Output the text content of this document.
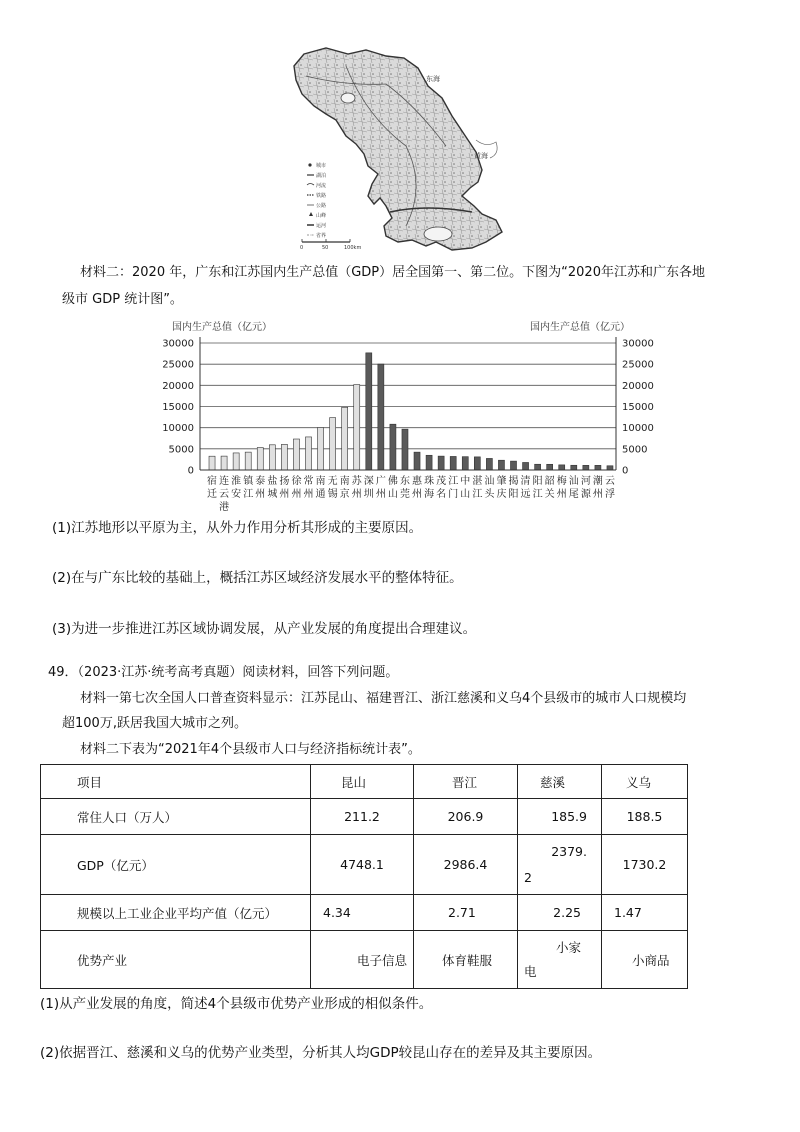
黄海
东海
城市
湖泊
河流
铁路
公路
山峰
运河
省界
0	50	100km
材料二：2020 年，广东和江苏国内生产总值（GDP）居全国第一、第二位。下图为“2020年江苏和广东各地
级市 GDP 统计图”。
0
5000
10000
15000
20000
25000
30000
0
5000
10000
15000
20000
25000
30000
宿
迁
连
云
港
淮
安
镇
江
泰
州
盐
城
扬
州
徐
州
常
州
南
通
无
锡
南
京
苏
州
深
圳
广
州
佛
山
东
莞
惠
州
珠
海
茂
名
江
门
中
山
湛
江
汕
头
肇
庆
揭
阳
清
远
阳
江
韶
关
梅
州
汕
尾
河
源
潮
州
云
浮
国内生产总值（亿元）	国内生产总值（亿元）
(1)江苏地形以平原为主，从外力作用分析其形成的主要原因。
(2)在与广东比较的基础上，概括江苏区域经济发展水平的整体特征。
(3)为进一步推进江苏区域协调发展，从产业发展的角度提出合理建议。
49．（2023·江苏·统考高考真题）阅读材料，回答下列问题。
材料一第七次全国人口普查资料显示：江苏昆山、福建晋江、浙江慈溪和义乌4个县级市的城市人口规模均
超100万,跃居我国大城市之列。
材料二下表为“2021年4个县级市人口与经济指标统计表”。
项目	昆山	晋江	慈溪	义乌
常住人口（万人）	211.2	206.9	185.9	188.5
GDP（亿元）	4748.1	2986.4	2379.
2	1730.2
规模以上工业企业平均产值（亿元）	4.34	2.71	2.25	1.47
优势产业	电子信息	体育鞋服	小家
电	小商品
(1)从产业发展的角度，简述4个县级市优势产业形成的相似条件。
(2)依据晋江、慈溪和义乌的优势产业类型，分析其人均GDP较昆山存在的差异及其主要原因。
